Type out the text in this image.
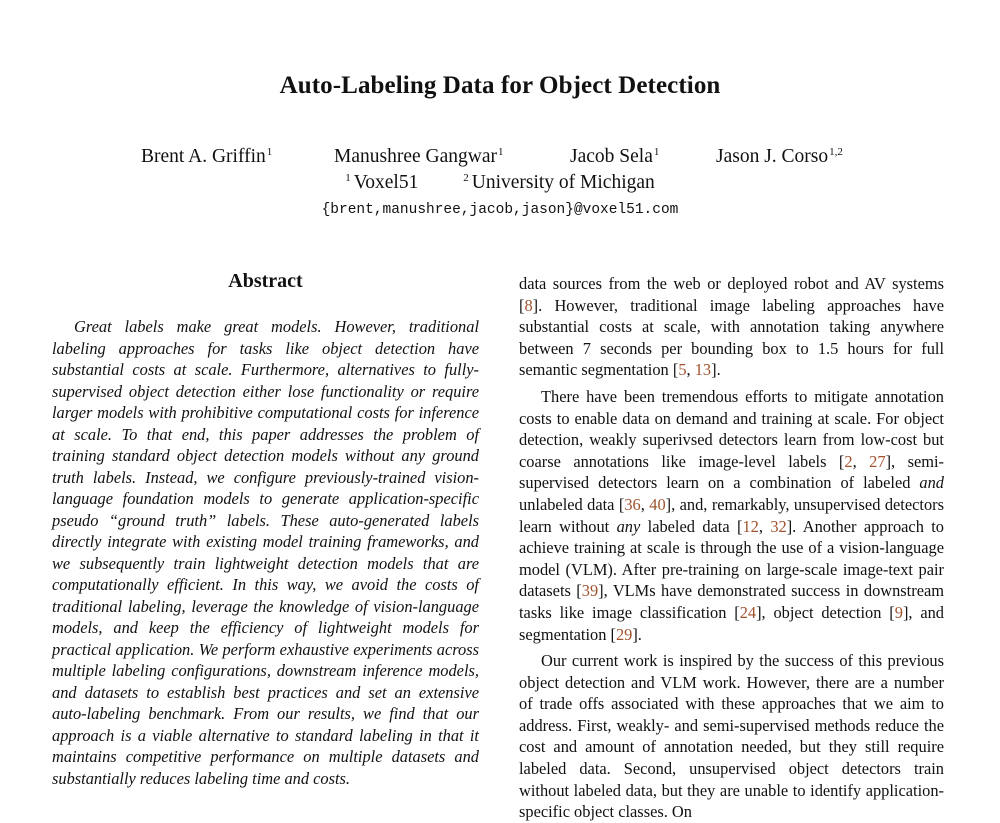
Auto-Labeling Data for Object Detection
Brent A. Griffin$^1$	Manushree Gangwar$^1$	Jacob Sela$^1$	Jason J. Corso$^{1,2}$
$^1$ Voxel51	$^2$ University of Michigan
{brent,manushree,jacob,jason}@voxel51.com
Abstract

Great labels make great models. However, traditional labeling approaches for tasks like object detection have substantial costs at scale. Furthermore, alternatives to fully-supervised object detection either lose functionality or require larger models with prohibitive computational costs for inference at scale. To that end, this paper addresses the problem of training standard object detection models without any ground truth labels. Instead, we configure previously-trained vision-language foundation models to generate application-specific pseudo “ground truth” labels. These auto-generated labels directly integrate with existing model training frameworks, and we subsequently train lightweight detection models that are computationally efficient. In this way, we avoid the costs of traditional labeling, leverage the knowledge of vision-language models, and keep the efficiency of lightweight models for practical application. We perform exhaustive experiments across multiple labeling configurations, downstream inference models, and datasets to establish best practices and set an extensive auto-labeling benchmark. From our results, we find that our approach is a viable alternative to standard labeling in that it maintains competitive performance on multiple datasets and substantially reduces labeling time and costs.

data sources from the web or deployed robot and AV systems [8]. However, traditional image labeling approaches have substantial costs at scale, with annotation taking anywhere between 7 seconds per bounding box to 1.5 hours for full semantic segmentation [5, 13].

There have been tremendous efforts to mitigate annotation costs to enable data on demand and training at scale. For object detection, weakly superivsed detectors learn from low-cost but coarse annotations like image-level labels [2, 27], semi-supervised detectors learn on a combination of labeled and unlabeled data [36, 40], and, remarkably, unsupervised detectors learn without any labeled data [12, 32]. Another approach to achieve training at scale is through the use of a vision-language model (VLM). After pre-training on large-scale image-text pair datasets [39], VLMs have demonstrated success in downstream tasks like image classification [24], object detection [9], and segmentation [29].

Our current work is inspired by the success of this previous object detection and VLM work. However, there are a number of trade offs associated with these approaches that we aim to address. First, weakly- and semi-supervised methods reduce the cost and amount of annotation needed, but they still require labeled data. Second, unsupervised object detectors train without labeled data, but they are unable to identify application-specific object classes. On
